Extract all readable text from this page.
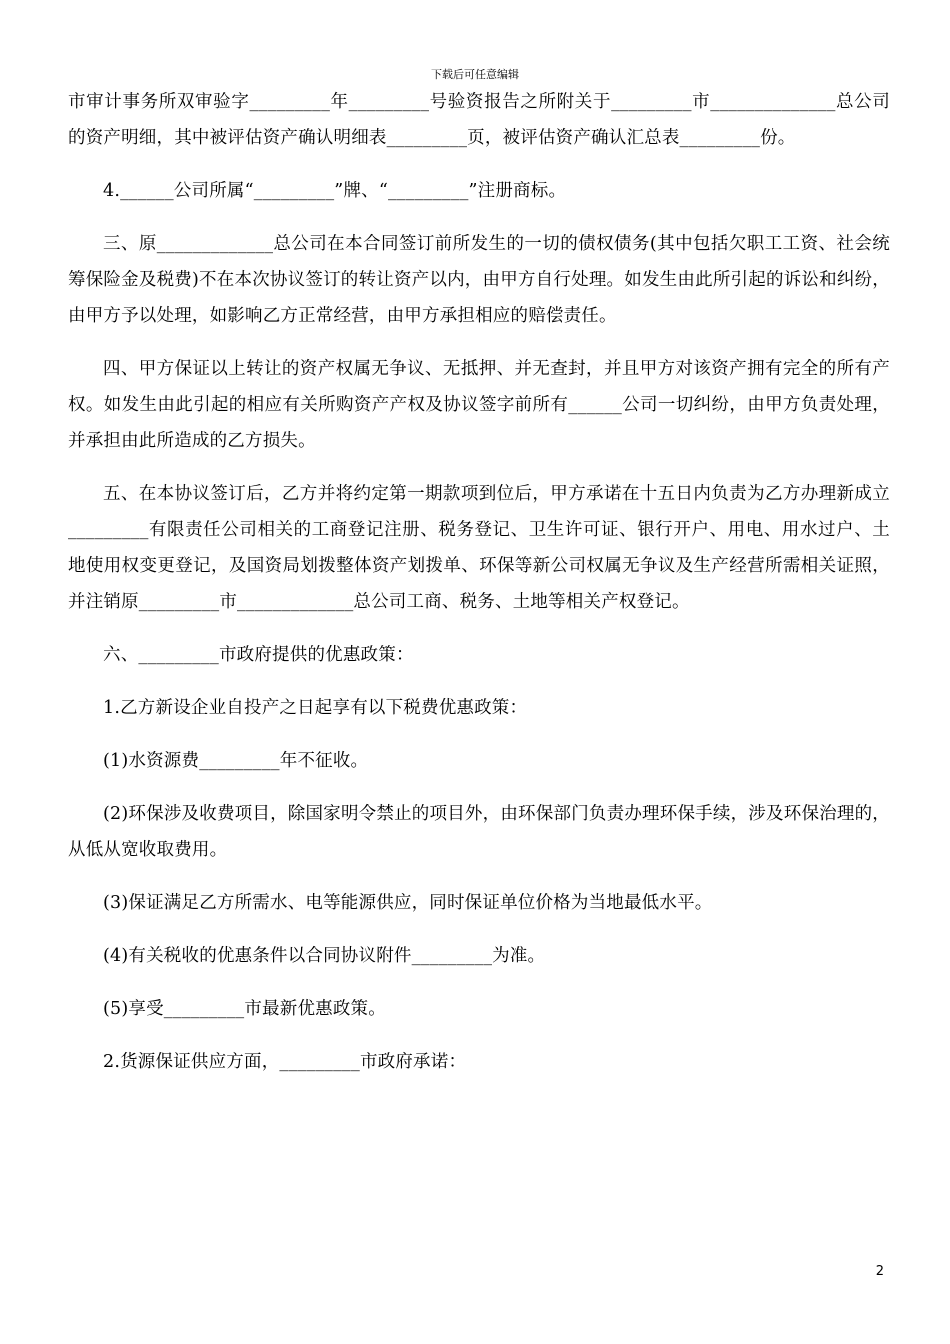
下载后可任意编辑

市审计事务所双审验字_________年_________号验资报告之所附关于_________市______________总公司的资产明细，其中被评估资产确认明细表_________页，被评估资产确认汇总表_________份。

4.______公司所属“_________”牌、“_________”注册商标。

三、原_____________总公司在本合同签订前所发生的一切的债权债务(其中包括欠职工工资、社会统筹保险金及税费)不在本次协议签订的转让资产以内，由甲方自行处理。如发生由此所引起的诉讼和纠纷，由甲方予以处理，如影响乙方正常经营，由甲方承担相应的赔偿责任。

四、甲方保证以上转让的资产权属无争议、无抵押、并无查封，并且甲方对该资产拥有完全的所有产权。如发生由此引起的相应有关所购资产产权及协议签字前所有______公司一切纠纷，由甲方负责处理，并承担由此所造成的乙方损失。

五、在本协议签订后，乙方并将约定第一期款项到位后，甲方承诺在十五日内负责为乙方办理新成立_________有限责任公司相关的工商登记注册、税务登记、卫生许可证、银行开户、用电、用水过户、土地使用权变更登记，及国资局划拨整体资产划拨单、环保等新公司权属无争议及生产经营所需相关证照，并注销原_________市_____________总公司工商、税务、土地等相关产权登记。

六、_________市政府提供的优惠政策：

1.乙方新设企业自投产之日起享有以下税费优惠政策：

(1)水资源费_________年不征收。

(2)环保涉及收费项目，除国家明令禁止的项目外，由环保部门负责办理环保手续，涉及环保治理的，从低从宽收取费用。

(3)保证满足乙方所需水、电等能源供应，同时保证单位价格为当地最低水平。

(4)有关税收的优惠条件以合同协议附件_________为准。

(5)享受_________市最新优惠政策。

2.货源保证供应方面，_________市政府承诺：

2
